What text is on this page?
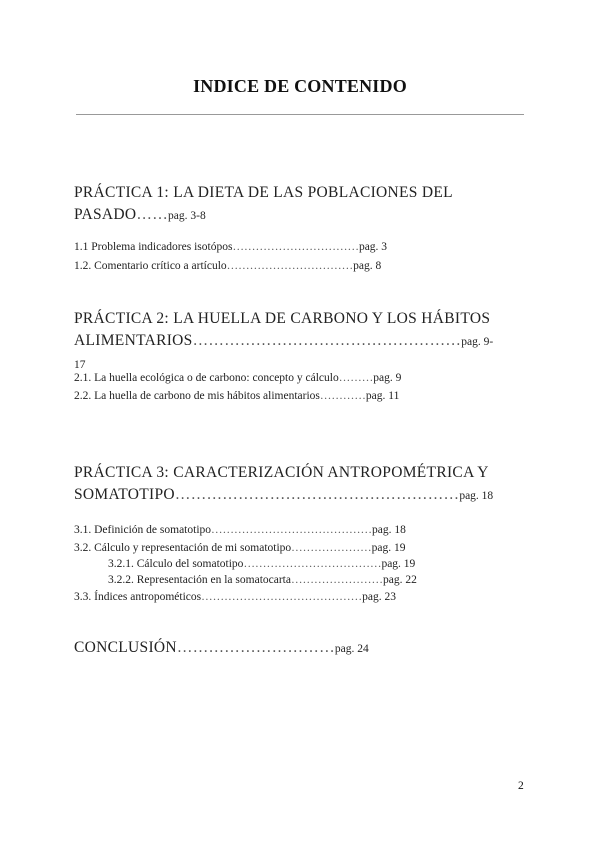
INDICE DE CONTENIDO
PRÁCTICA 1: LA DIETA DE LAS POBLACIONES DEL
PASADO……pag. 3-8
1.1 Problema indicadores isotópos……………………………pag. 3
1.2. Comentario crítico a artículo……………………………pag. 8
PRÁCTICA 2: LA HUELLA DE CARBONO Y LOS HÁBITOS
ALIMENTARIOS……………………………………………pag. 9- 17
2.1. La huella ecológica o de carbono: concepto y cálculo………pag. 9
2.2. La huella de carbono de mis hábitos alimentarios…………pag. 11
PRÁCTICA 3: CARACTERIZACIÓN ANTROPOMÉTRICA Y
SOMATOTIPO………………………………………………pag. 18
3.1. Definición de somatotipo……………………………………pag. 18
3.2. Cálculo y representación de mi somatotipo…………………pag. 19
3.2.1. Cálculo del somatotipo………………………………pag. 19
3.2.2. Representación en la somatocarta……………………pag. 22
3.3. Índices antropométicos……………………………………pag. 23
CONCLUSIÓN…………………………pag. 24
2
